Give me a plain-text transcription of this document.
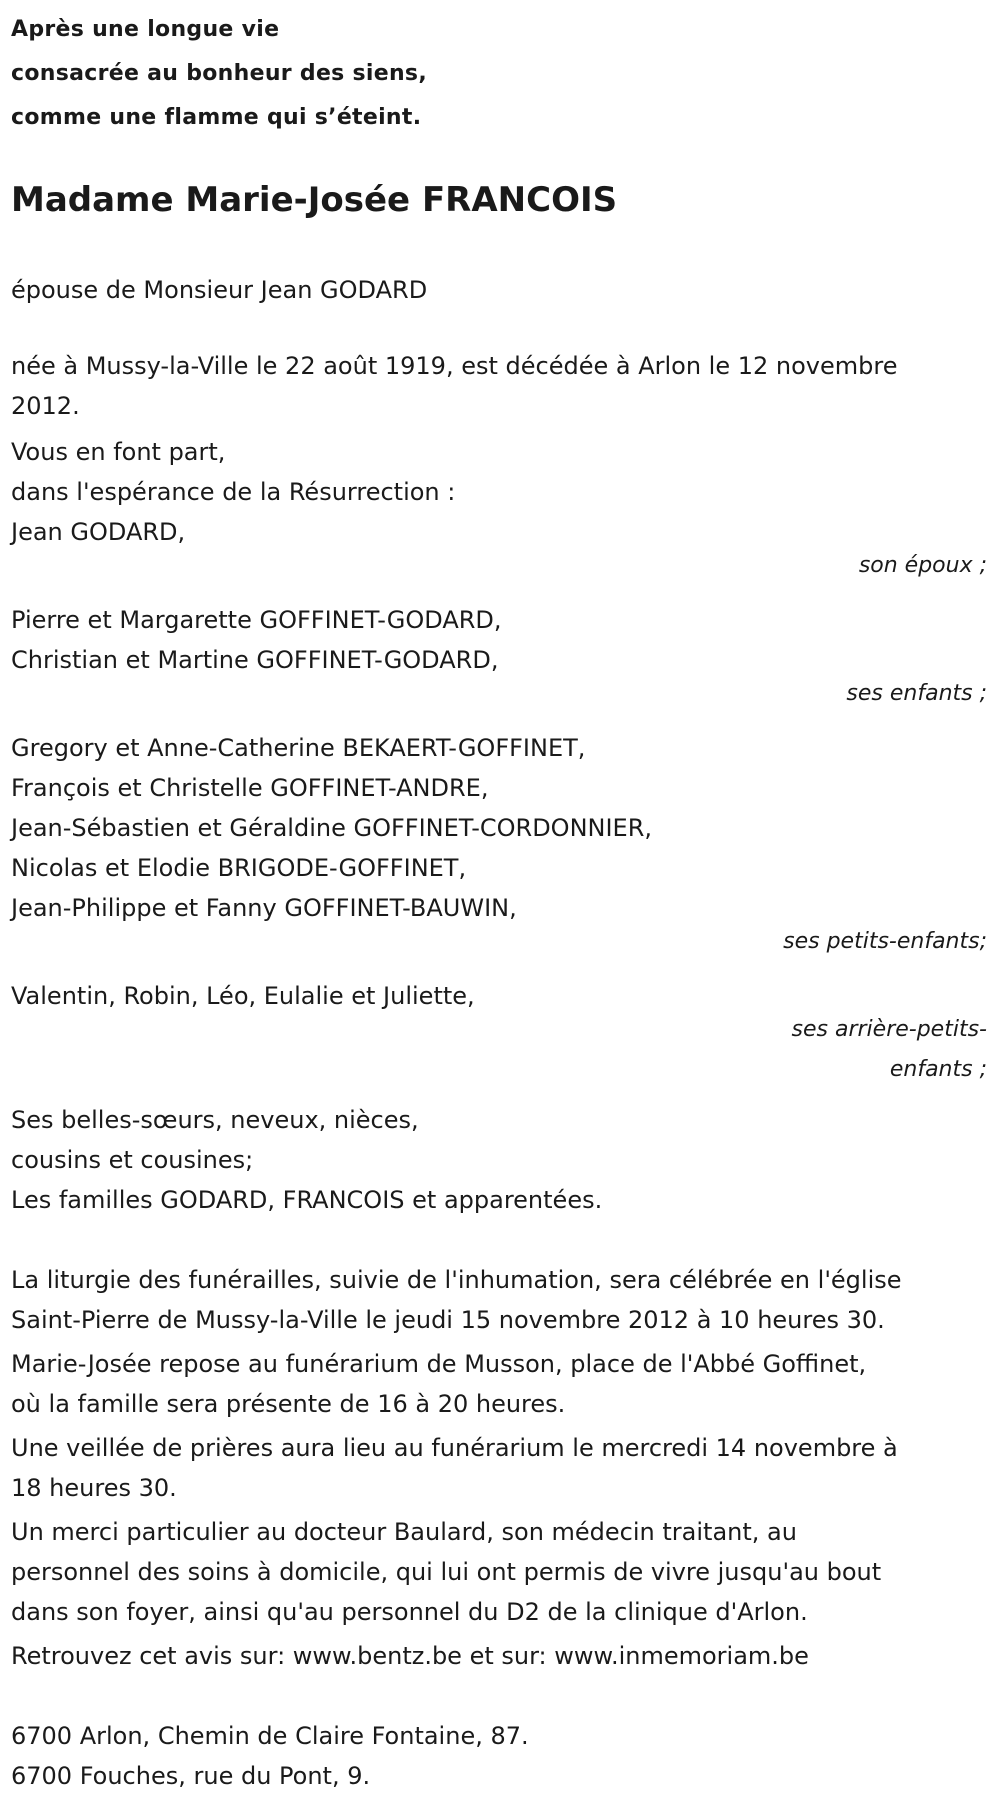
Après une longue vie
consacrée au bonheur des siens,
comme une flamme qui s’éteint.
Madame Marie-Josée FRANCOIS
épouse de Monsieur Jean GODARD
née à Mussy-la-Ville le 22 août 1919, est décédée à Arlon le 12 novembre
2012.
Vous en font part,
dans l'espérance de la Résurrection :
Jean GODARD,
son époux ;
Pierre et Margarette GOFFINET-GODARD,
Christian et Martine GOFFINET-GODARD,
ses enfants ;
Gregory et Anne-Catherine BEKAERT-GOFFINET,
François et Christelle GOFFINET-ANDRE,
Jean-Sébastien et Géraldine GOFFINET-CORDONNIER,
Nicolas et Elodie BRIGODE-GOFFINET,
Jean-Philippe et Fanny GOFFINET-BAUWIN,
ses petits-enfants;
Valentin, Robin, Léo, Eulalie et Juliette,
ses arrière-petits-
enfants ;
Ses belles-sœurs, neveux, nièces,
cousins et cousines;
Les familles GODARD, FRANCOIS et apparentées.
La liturgie des funérailles, suivie de l'inhumation, sera célébrée en l'église
Saint-Pierre de Mussy-la-Ville le jeudi 15 novembre 2012 à 10 heures 30.
Marie-Josée repose au funérarium de Musson, place de l'Abbé Goffinet,
où la famille sera présente de 16 à 20 heures.
Une veillée de prières aura lieu au funérarium le mercredi 14 novembre à
18 heures 30.
Un merci particulier au docteur Baulard, son médecin traitant, au
personnel des soins à domicile, qui lui ont permis de vivre jusqu'au bout
dans son foyer, ainsi qu'au personnel du D2 de la clinique d'Arlon.
Retrouvez cet avis sur: www.bentz.be et sur: www.inmemoriam.be
6700 Arlon, Chemin de Claire Fontaine, 87.
6700 Fouches, rue du Pont, 9.
